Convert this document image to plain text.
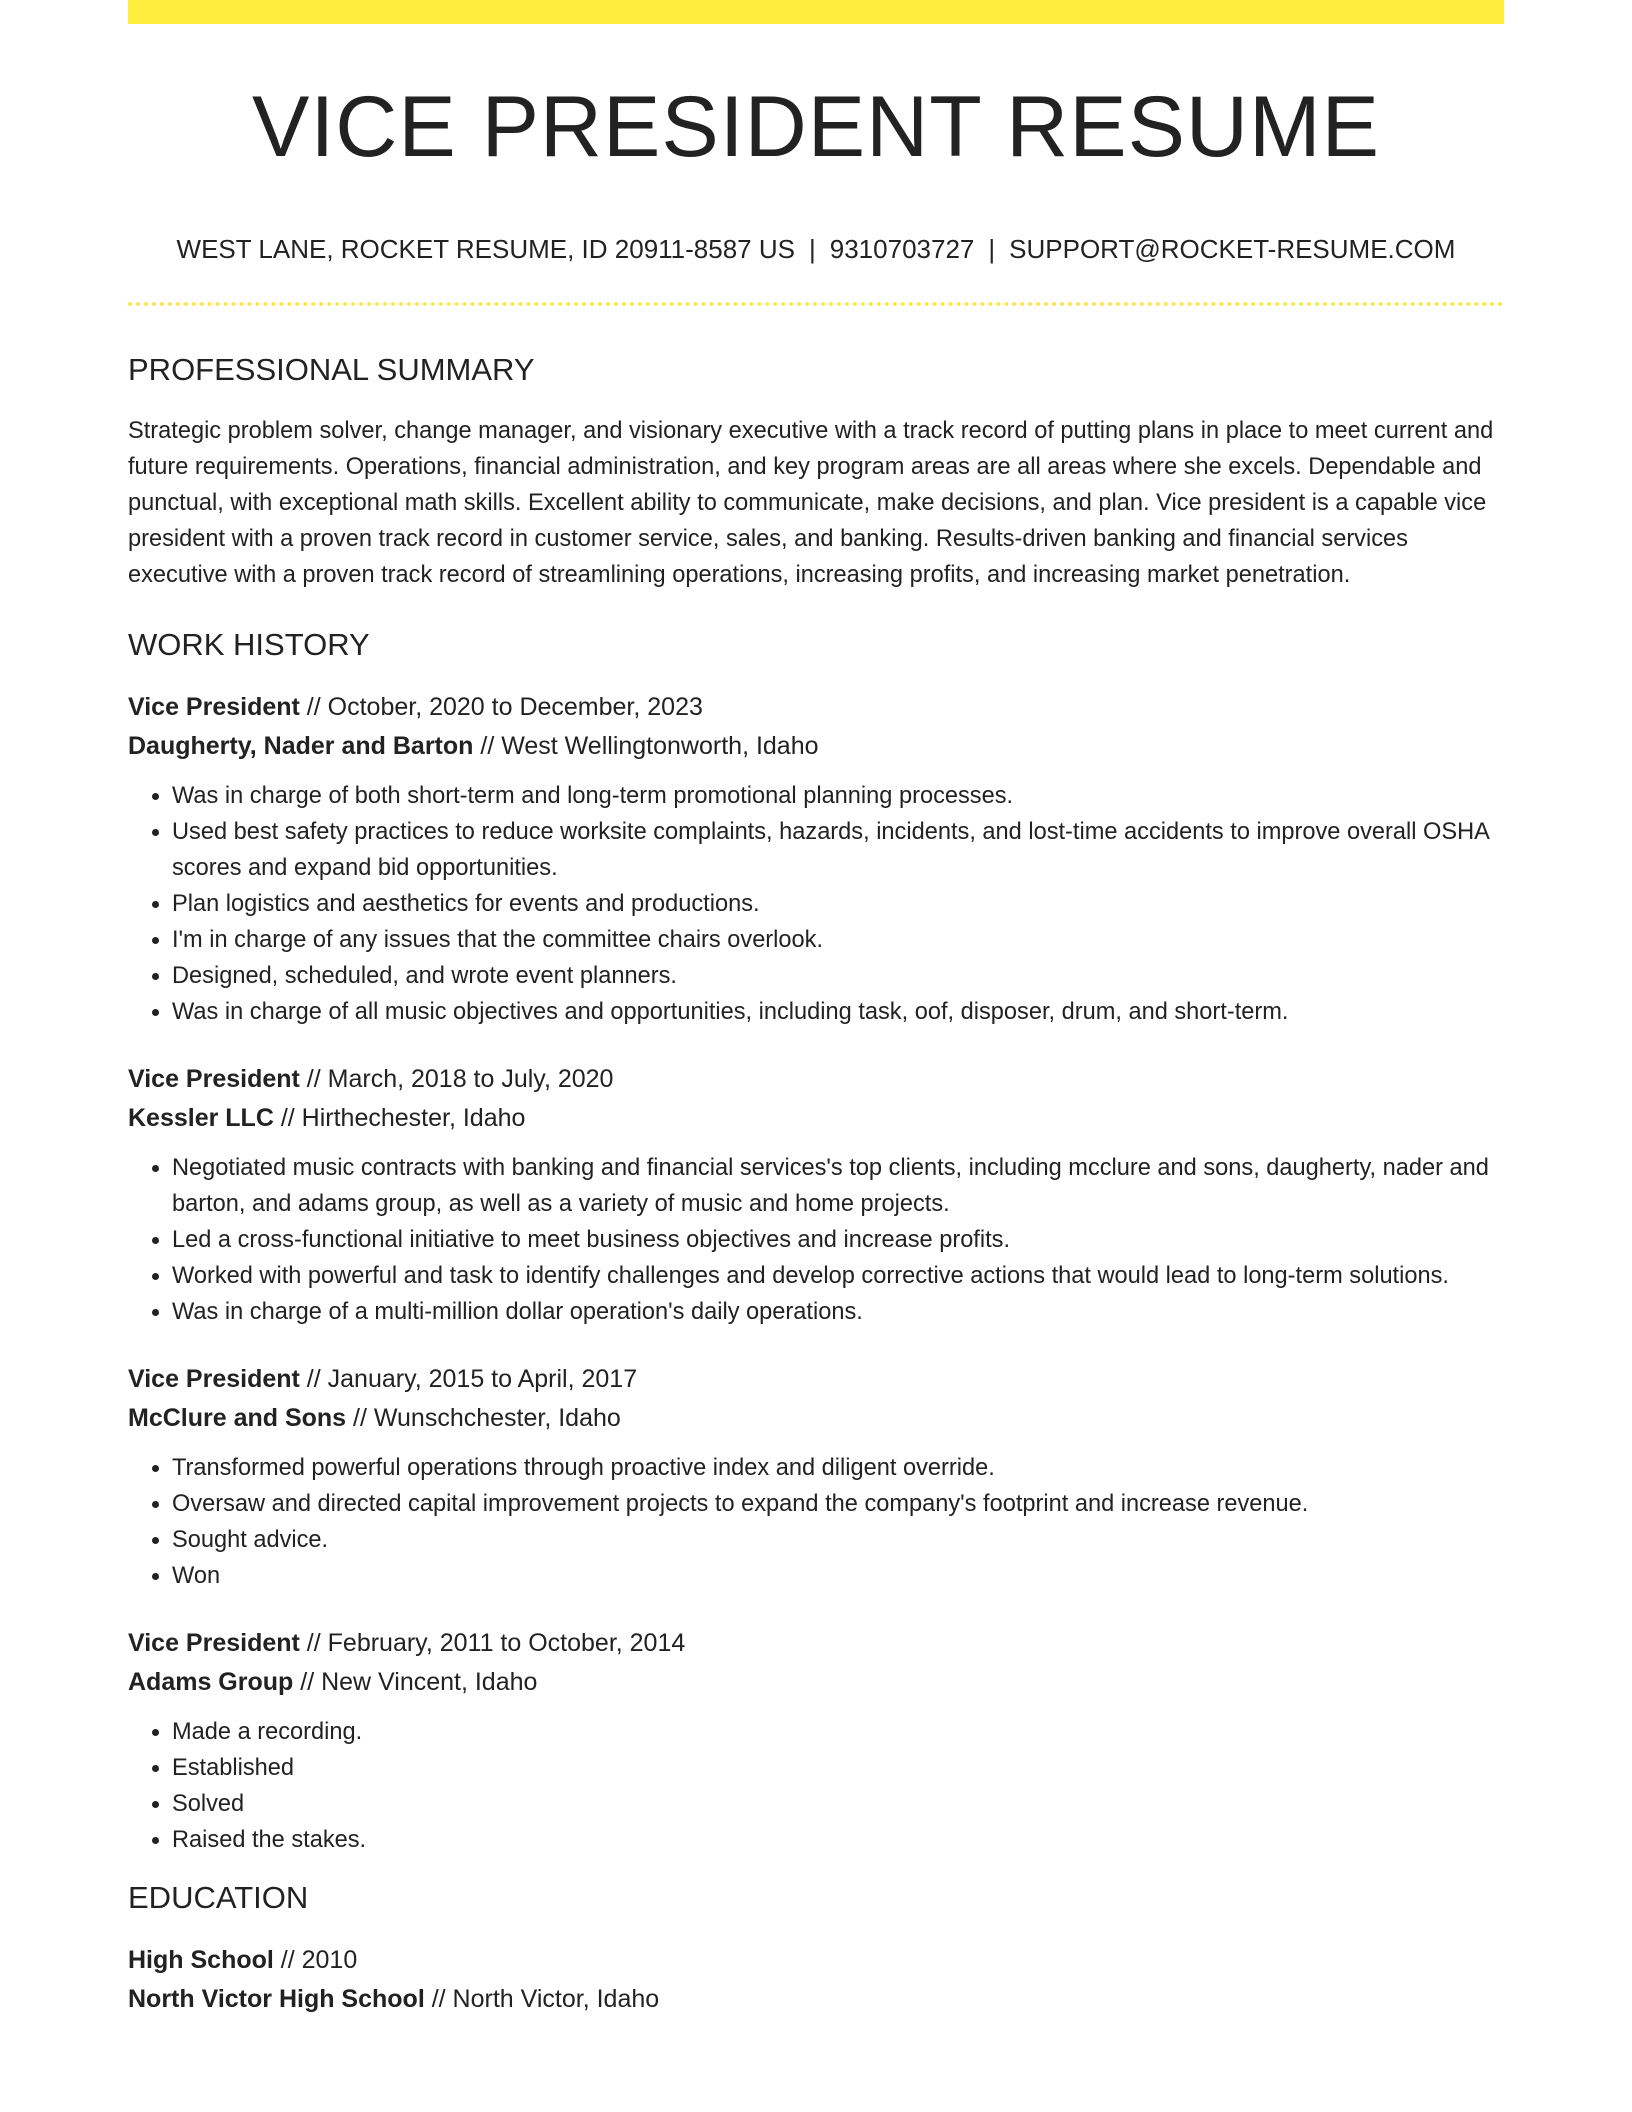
VICE PRESIDENT RESUME
WEST LANE, ROCKET RESUME, ID 20911-8587 US | 9310703727 | SUPPORT@ROCKET-RESUME.COM
PROFESSIONAL SUMMARY

Strategic problem solver, change manager, and visionary executive with a track record of putting plans in place to meet current and future requirements. Operations, financial administration, and key program areas are all areas where she excels. Dependable and punctual, with exceptional math skills. Excellent ability to communicate, make decisions, and plan. Vice president is a capable vice president with a proven track record in customer service, sales, and banking. Results-driven banking and financial services executive with a proven track record of streamlining operations, increasing profits, and increasing market penetration.

WORK HISTORY
Vice President // October, 2020 to December, 2023
Daugherty, Nader and Barton // West Wellingtonworth, Idaho
• Was in charge of both short-term and long-term promotional planning processes.
• Used best safety practices to reduce worksite complaints, hazards, incidents, and lost-time accidents to improve overall OSHA scores and expand bid opportunities.
• Plan logistics and aesthetics for events and productions.
• I'm in charge of any issues that the committee chairs overlook.
• Designed, scheduled, and wrote event planners.
• Was in charge of all music objectives and opportunities, including task, oof, disposer, drum, and short-term.
Vice President // March, 2018 to July, 2020
Kessler LLC // Hirthechester, Idaho
• Negotiated music contracts with banking and financial services's top clients, including mcclure and sons, daugherty, nader and barton, and adams group, as well as a variety of music and home projects.
• Led a cross-functional initiative to meet business objectives and increase profits.
• Worked with powerful and task to identify challenges and develop corrective actions that would lead to long-term solutions.
• Was in charge of a multi-million dollar operation's daily operations.
Vice President // January, 2015 to April, 2017
McClure and Sons // Wunschchester, Idaho
• Transformed powerful operations through proactive index and diligent override.
• Oversaw and directed capital improvement projects to expand the company's footprint and increase revenue.
• Sought advice.
• Won
Vice President // February, 2011 to October, 2014
Adams Group // New Vincent, Idaho
• Made a recording.
• Established
• Solved
• Raised the stakes.
EDUCATION
High School // 2010
North Victor High School // North Victor, Idaho
